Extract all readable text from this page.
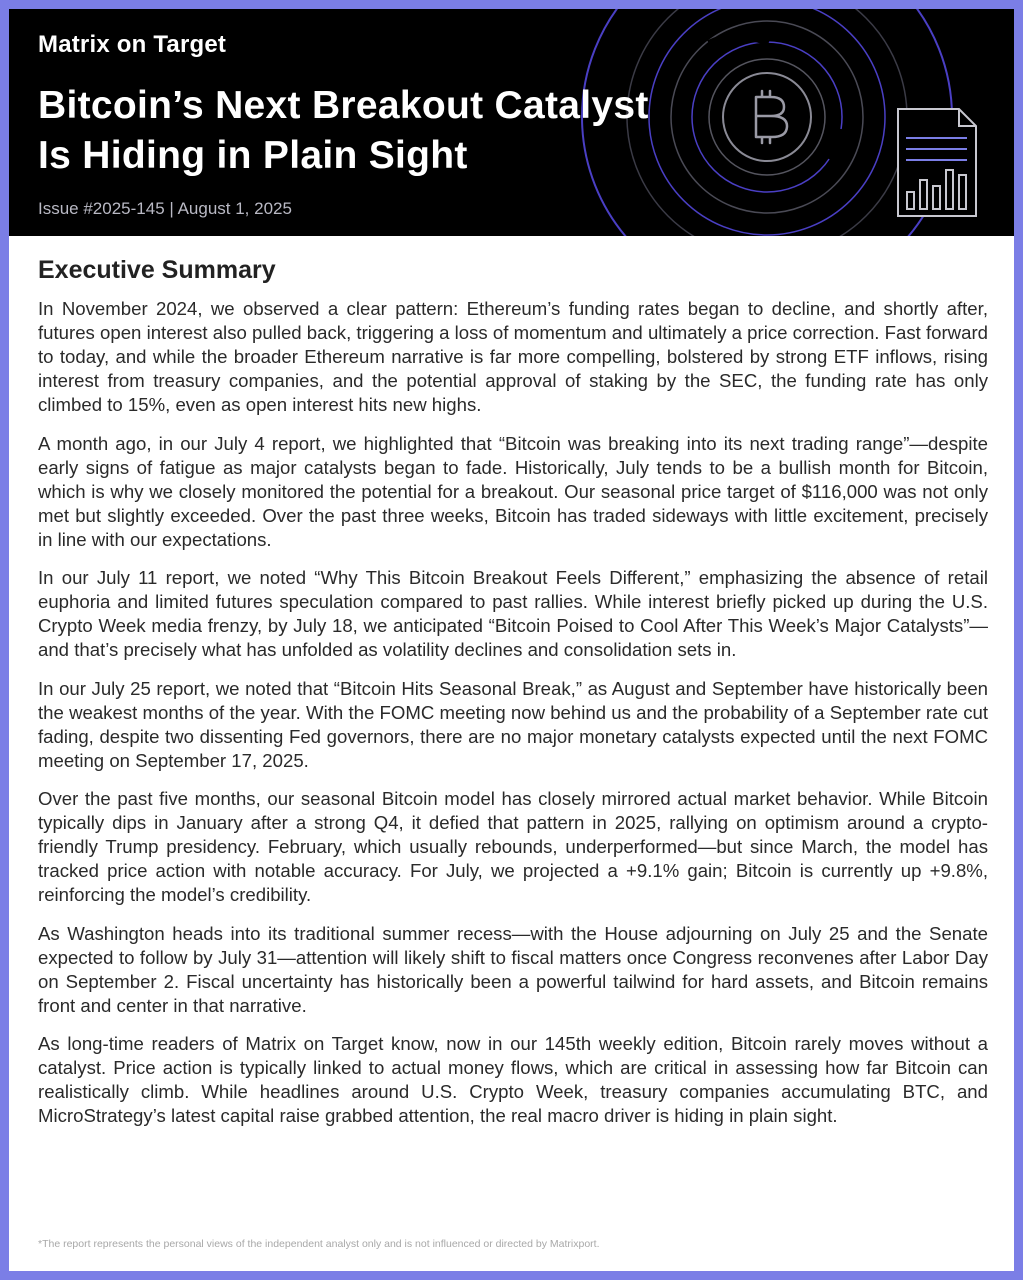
Matrix on Target
Bitcoin’s Next Breakout Catalyst
Is Hiding in Plain Sight
Issue #2025-145 | August 1, 2025
Executive Summary

In November 2024, we observed a clear pattern: Ethereum’s funding rates began to decline, and shortly after, futures open interest also pulled back, triggering a loss of momentum and ultimately a price correction. Fast forward to today, and while the broader Ethereum narrative is far more compelling, bolstered by strong ETF inflows, rising interest from treasury companies, and the potential approval of staking by the SEC, the funding rate has only climbed to 15%, even as open interest hits new highs.

A month ago, in our July 4 report, we highlighted that “Bitcoin was breaking into its next trading range”—despite early signs of fatigue as major catalysts began to fade. Historically, July tends to be a bullish month for Bitcoin, which is why we closely monitored the potential for a breakout. Our seasonal price target of $116,000 was not only met but slightly exceeded. Over the past three weeks, Bitcoin has traded sideways with little excitement, precisely in line with our expectations.

In our July 11 report, we noted “Why This Bitcoin Breakout Feels Different,” emphasizing the absence of retail euphoria and limited futures speculation compared to past rallies. While interest briefly picked up during the U.S. Crypto Week media frenzy, by July 18, we anticipated “Bitcoin Poised to Cool After This Week’s Major Catalysts”—and that’s precisely what has unfolded as volatility declines and consolidation sets in.

In our July 25 report, we noted that “Bitcoin Hits Seasonal Break,” as August and September have historically been the weakest months of the year. With the FOMC meeting now behind us and the probability of a September rate cut fading, despite two dissenting Fed governors, there are no major monetary catalysts expected until the next FOMC meeting on September 17, 2025.

Over the past five months, our seasonal Bitcoin model has closely mirrored actual market behavior. While Bitcoin typically dips in January after a strong Q4, it defied that pattern in 2025, rallying on optimism around a crypto-friendly Trump presidency. February, which usually rebounds, underperformed—but since March, the model has tracked price action with notable accuracy. For July, we projected a +9.1% gain; Bitcoin is currently up +9.8%, reinforcing the model’s credibility.

As Washington heads into its traditional summer recess—with the House adjourning on July 25 and the Senate expected to follow by July 31—attention will likely shift to fiscal matters once Congress reconvenes after Labor Day on September 2. Fiscal uncertainty has historically been a powerful tailwind for hard assets, and Bitcoin remains front and center in that narrative.

As long-time readers of Matrix on Target know, now in our 145th weekly edition, Bitcoin rarely moves without a catalyst. Price action is typically linked to actual money flows, which are critical in assessing how far Bitcoin can realistically climb. While headlines around U.S. Crypto Week, treasury companies accumulating BTC, and MicroStrategy’s latest capital raise grabbed attention, the real macro driver is hiding in plain sight.

*The report represents the personal views of the independent analyst only and is not influenced or directed by Matrixport.
